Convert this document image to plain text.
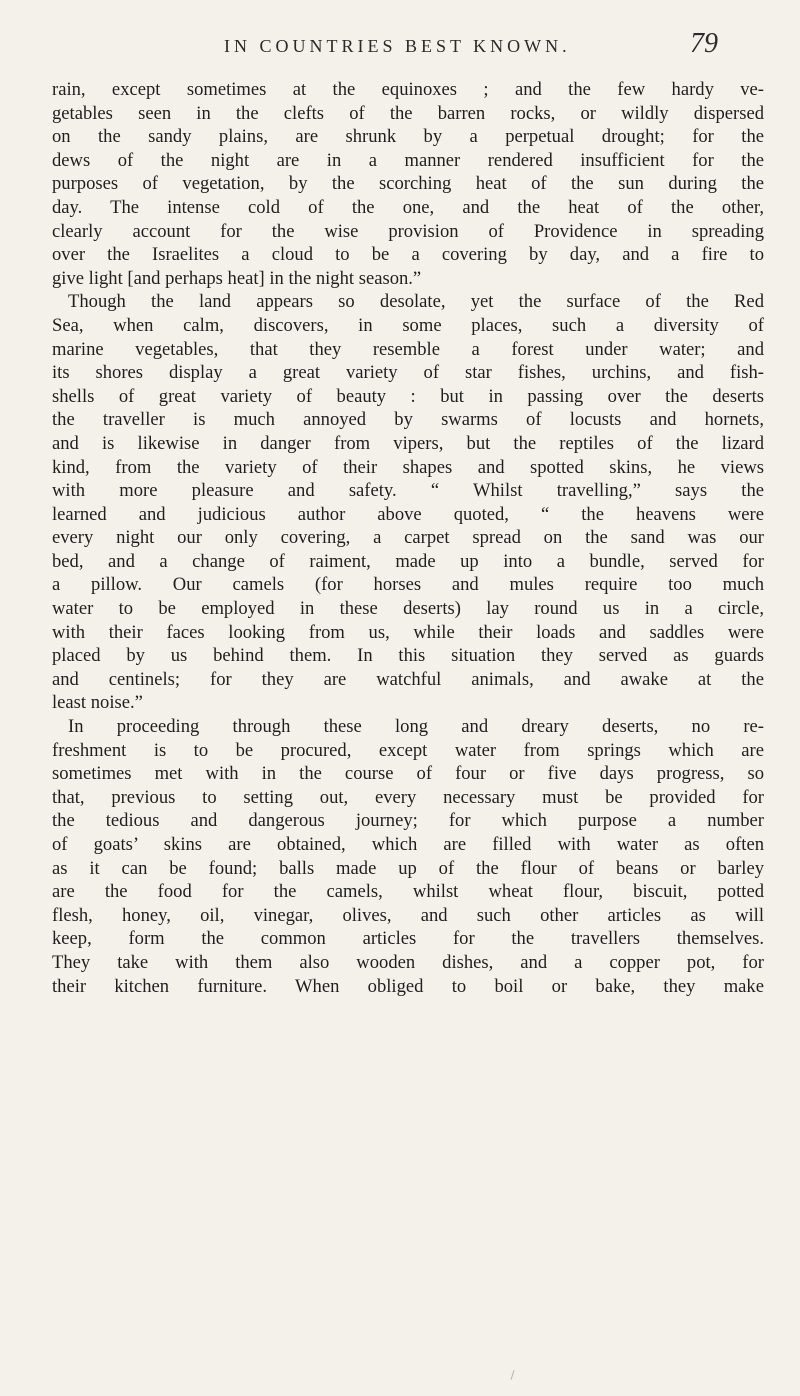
IN COUNTRIES BEST KNOWN.	79
rain, except sometimes at the equinoxes ; and the few hardy ve-
getables seen in the clefts of the barren rocks, or wildly dispersed
on the sandy plains, are shrunk by a perpetual drought; for the
dews of the night are in a manner rendered insufficient for the
purposes of vegetation, by the scorching heat of the sun during the
day. The intense cold of the one, and the heat of the other,
clearly account for the wise provision of Providence in spreading
over the Israelites a cloud to be a covering by day, and a fire to
give light [and perhaps heat] in the night season.”
Though the land appears so desolate, yet the surface of the Red
Sea, when calm, discovers, in some places, such a diversity of
marine vegetables, that they resemble a forest under water; and
its shores display a great variety of star fishes, urchins, and fish-
shells of great variety of beauty : but in passing over the deserts
the traveller is much annoyed by swarms of locusts and hornets,
and is likewise in danger from vipers, but the reptiles of the lizard
kind, from the variety of their shapes and spotted skins, he views
with more pleasure and safety. “ Whilst travelling,” says the
learned and judicious author above quoted, “ the heavens were
every night our only covering, a carpet spread on the sand was our
bed, and a change of raiment, made up into a bundle, served for
a pillow. Our camels (for horses and mules require too much
water to be employed in these deserts) lay round us in a circle,
with their faces looking from us, while their loads and saddles were
placed by us behind them. In this situation they served as guards
and centinels; for they are watchful animals, and awake at the
least noise.”
In proceeding through these long and dreary deserts, no re-
freshment is to be procured, except water from springs which are
sometimes met with in the course of four or five days progress, so
that, previous to setting out, every necessary must be provided for
the tedious and dangerous journey; for which purpose a number
of goats’ skins are obtained, which are filled with water as often
as it can be found; balls made up of the flour of beans or barley
are the food for the camels, whilst wheat flour, biscuit, potted
flesh, honey, oil, vinegar, olives, and such other articles as will
keep, form the common articles for the travellers themselves.
They take with them also wooden dishes, and a copper pot, for
their kitchen furniture. When obliged to boil or bake, they make
